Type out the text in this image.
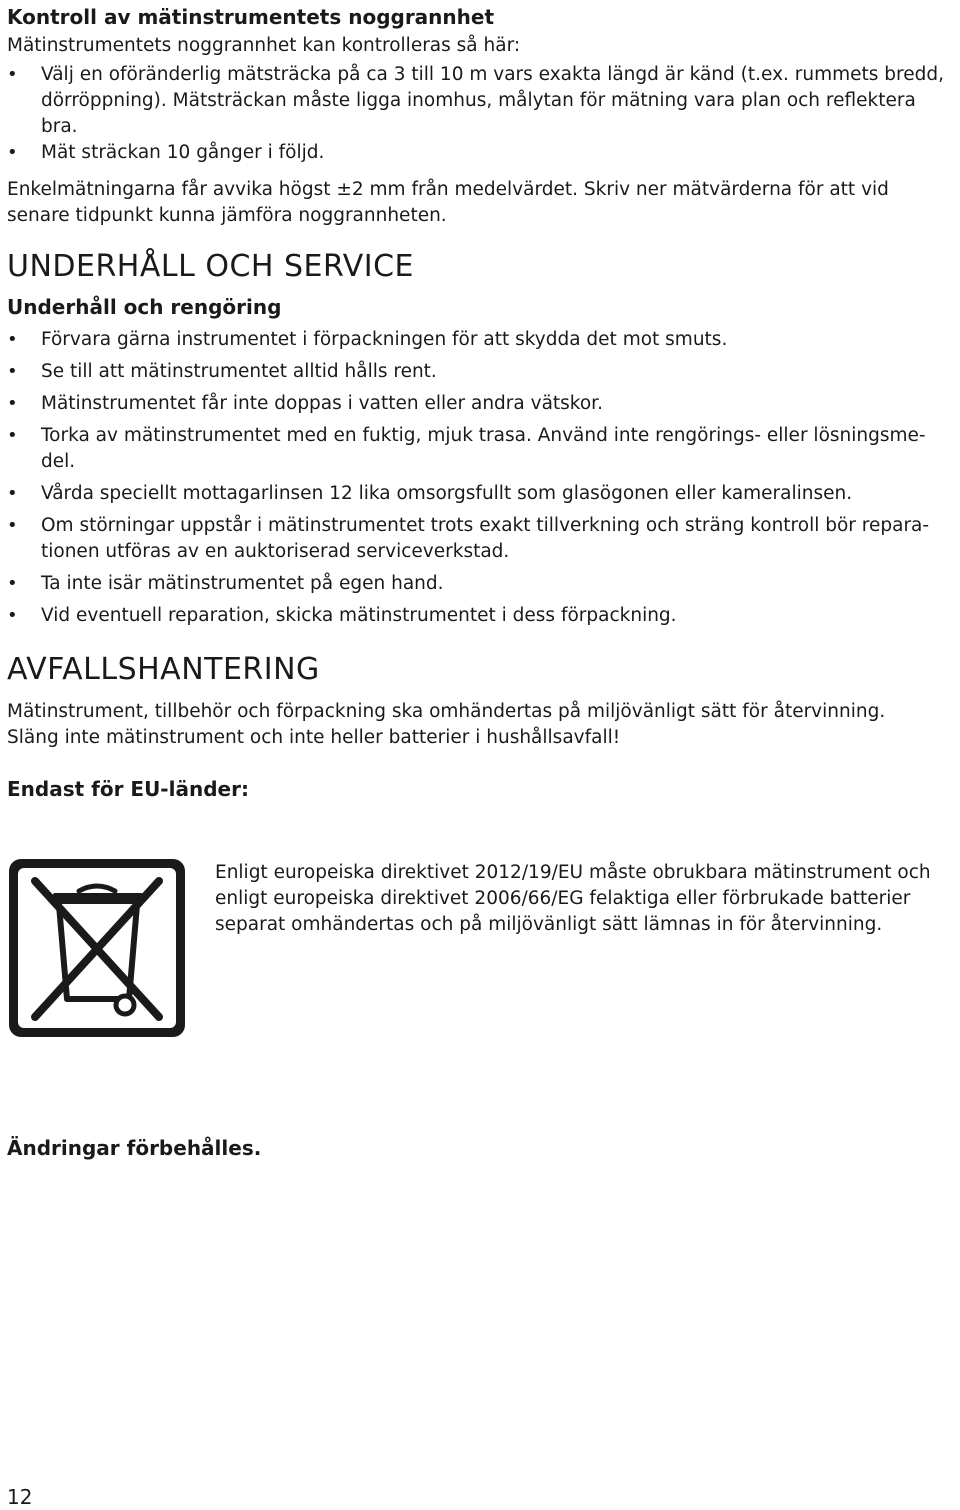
Kontroll av mätinstrumentets noggrannhet

Mätinstrumentets noggrannhet kan kontrolleras så här:

• Välj en oföränderlig mätsträcka på ca 3 till 10 m vars exakta längd är känd (t.ex. rummets bredd, dörröppning). Mätsträckan måste ligga inomhus, målytan för mätning vara plan och reflektera bra.
• Mät sträckan 10 gånger i följd.

Enkelmätningarna får avvika högst ±2 mm från medelvärdet. Skriv ner mätvärderna för att vid senare tidpunkt kunna jämföra noggrannheten.

UNDERHÅLL OCH SERVICE
Underhåll och rengöring
• Förvara gärna instrumentet i förpackningen för att skydda det mot smuts.
• Se till att mätinstrumentet alltid hålls rent.
• Mätinstrumentet får inte doppas i vatten eller andra vätskor.
• Torka av mätinstrumentet med en fuktig, mjuk trasa. Använd inte rengörings- eller lösningsme-del.
• Vårda speciellt mottagarlinsen 12 lika omsorgsfullt som glasögonen eller kameralinsen.
• Om störningar uppstår i mätinstrumentet trots exakt tillverkning och sträng kontroll bör repara-tionen utföras av en auktoriserad serviceverkstad.
• Ta inte isär mätinstrumentet på egen hand.
• Vid eventuell reparation, skicka mätinstrumentet i dess förpackning.
AVFALLSHANTERING

Mätinstrument, tillbehör och förpackning ska omhändertas på miljövänligt sätt för återvinning. Släng inte mätinstrument och inte heller batterier i hushållsavfall!

Endast för EU-länder:

Enligt europeiska direktivet 2012/19/EU måste obrukbara mätinstrument och enligt europeiska direktivet 2006/66/EG felaktiga eller förbrukade batterier separat omhändertas och på miljövänligt sätt lämnas in för återvinning.

Ändringar förbehålles.
12
